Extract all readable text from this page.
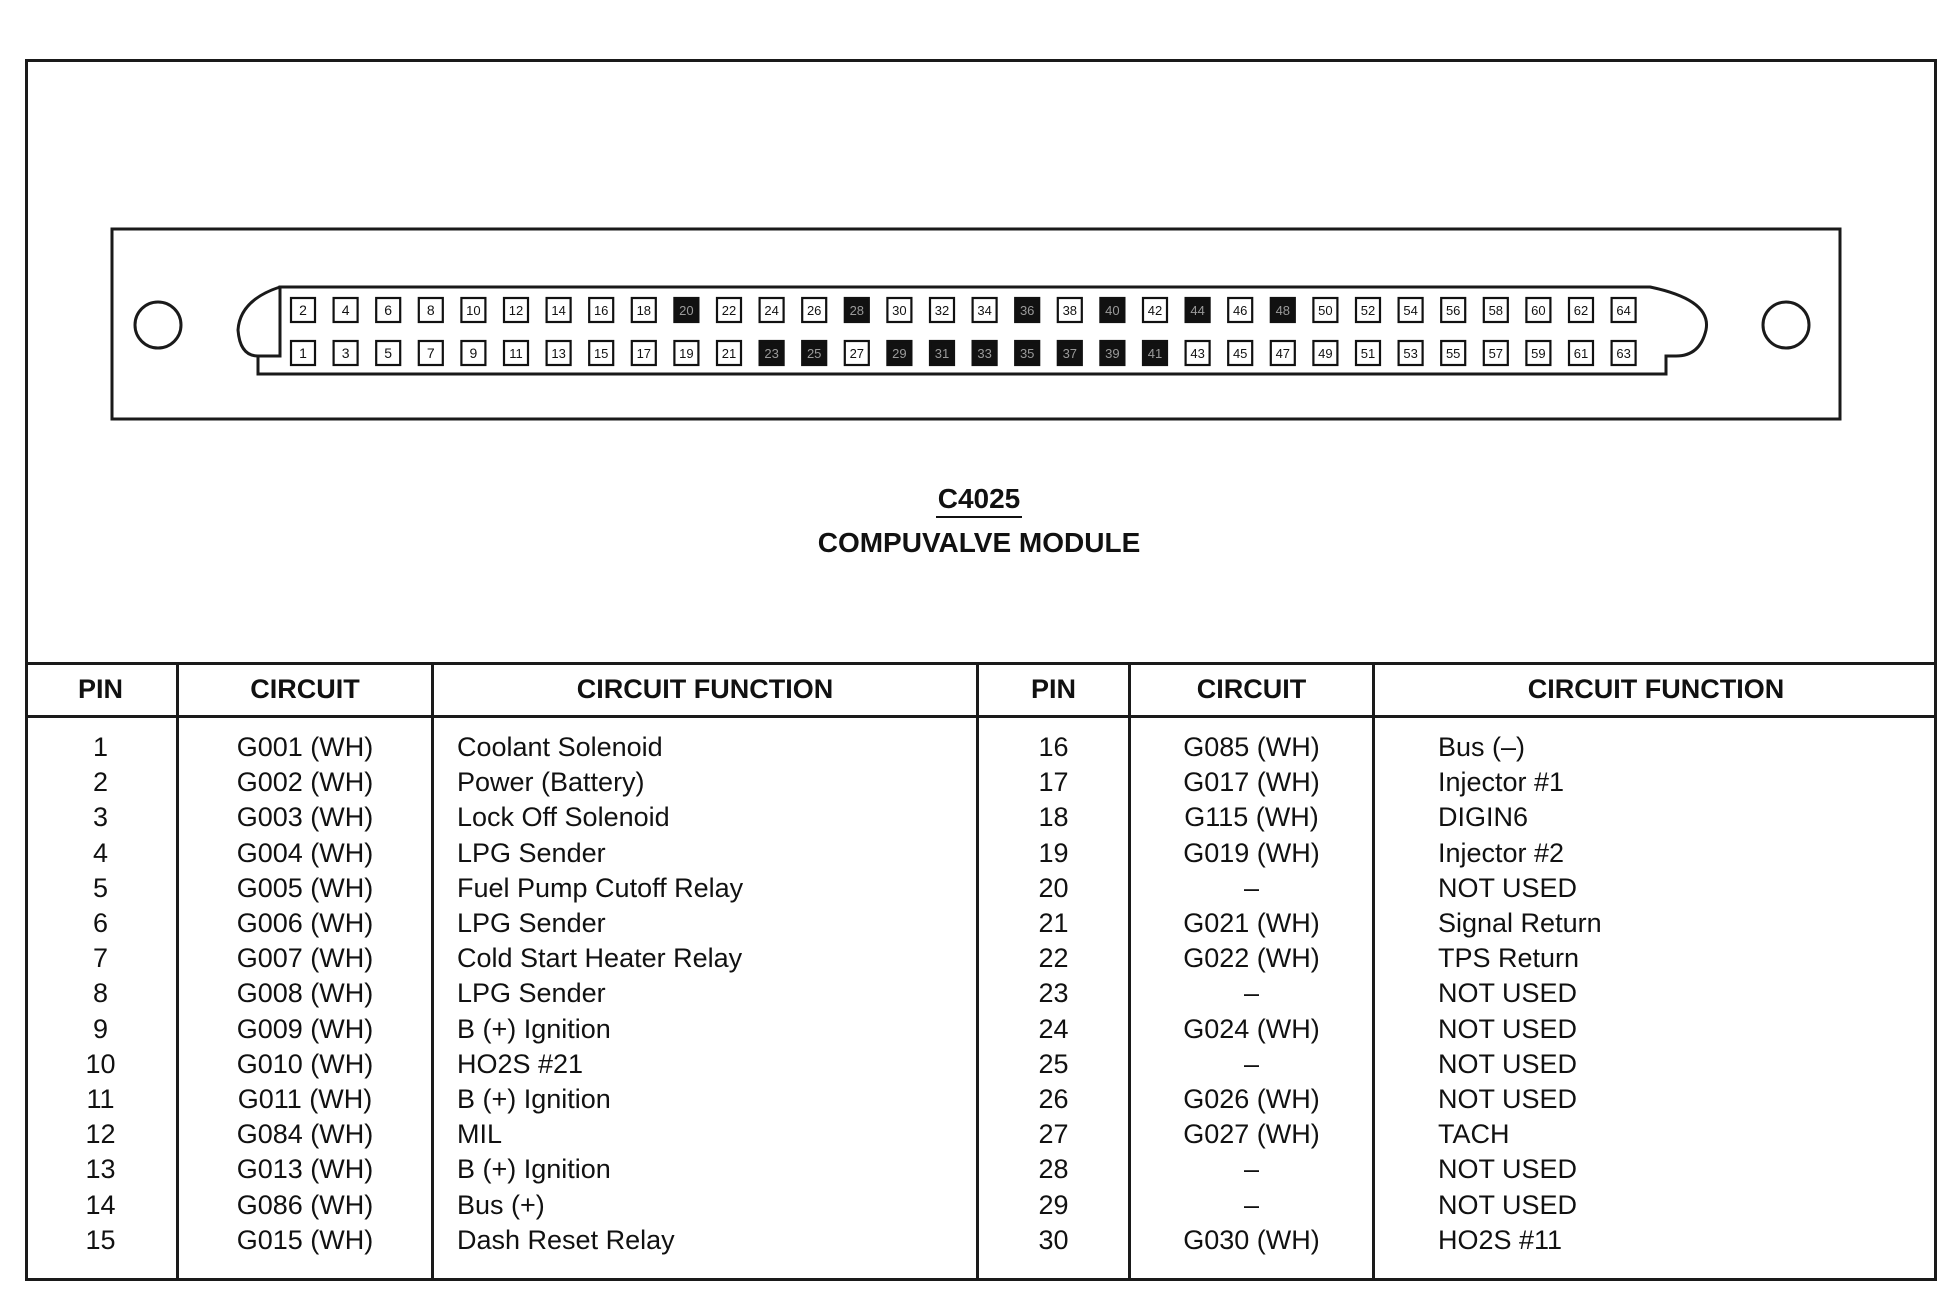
2 4 6 8 10 12 14 16 18 20 22 24 26 28 30 32 34 36 38 40 42 44 46 48 50 52 54 56 58 60 62 64
1 3 5 7 9 11 13 15 17 19 21 23 25 27 29 31 33 35 37 39 41 43 45 47 49 51 53 55 57 59 61 63
C4025
COMPUVALVE MODULE
PIN	CIRCUIT	CIRCUIT FUNCTION	PIN	CIRCUIT	CIRCUIT FUNCTION
1	G001 (WH)	Coolant Solenoid
2	G002 (WH)	Power (Battery)
3	G003 (WH)	Lock Off Solenoid
4	G004 (WH)	LPG Sender
5	G005 (WH)	Fuel Pump Cutoff Relay
6	G006 (WH)	LPG Sender
7	G007 (WH)	Cold Start Heater Relay
8	G008 (WH)	LPG Sender
9	G009 (WH)	B (+) Ignition
10	G010 (WH)	HO2S #21
11	G011 (WH)	B (+) Ignition
12	G084 (WH)	MIL
13	G013 (WH)	B (+) Ignition
14	G086 (WH)	Bus (+)
15	G015 (WH)	Dash Reset Relay
16	G085 (WH)	Bus (–)
17	G017 (WH)	Injector #1
18	G115 (WH)	DIGIN6
19	G019 (WH)	Injector #2
20	–	NOT USED
21	G021 (WH)	Signal Return
22	G022 (WH)	TPS Return
23	–	NOT USED
24	G024 (WH)	NOT USED
25	–	NOT USED
26	G026 (WH)	NOT USED
27	G027 (WH)	TACH
28	–	NOT USED
29	–	NOT USED
30	G030 (WH)	HO2S #11
